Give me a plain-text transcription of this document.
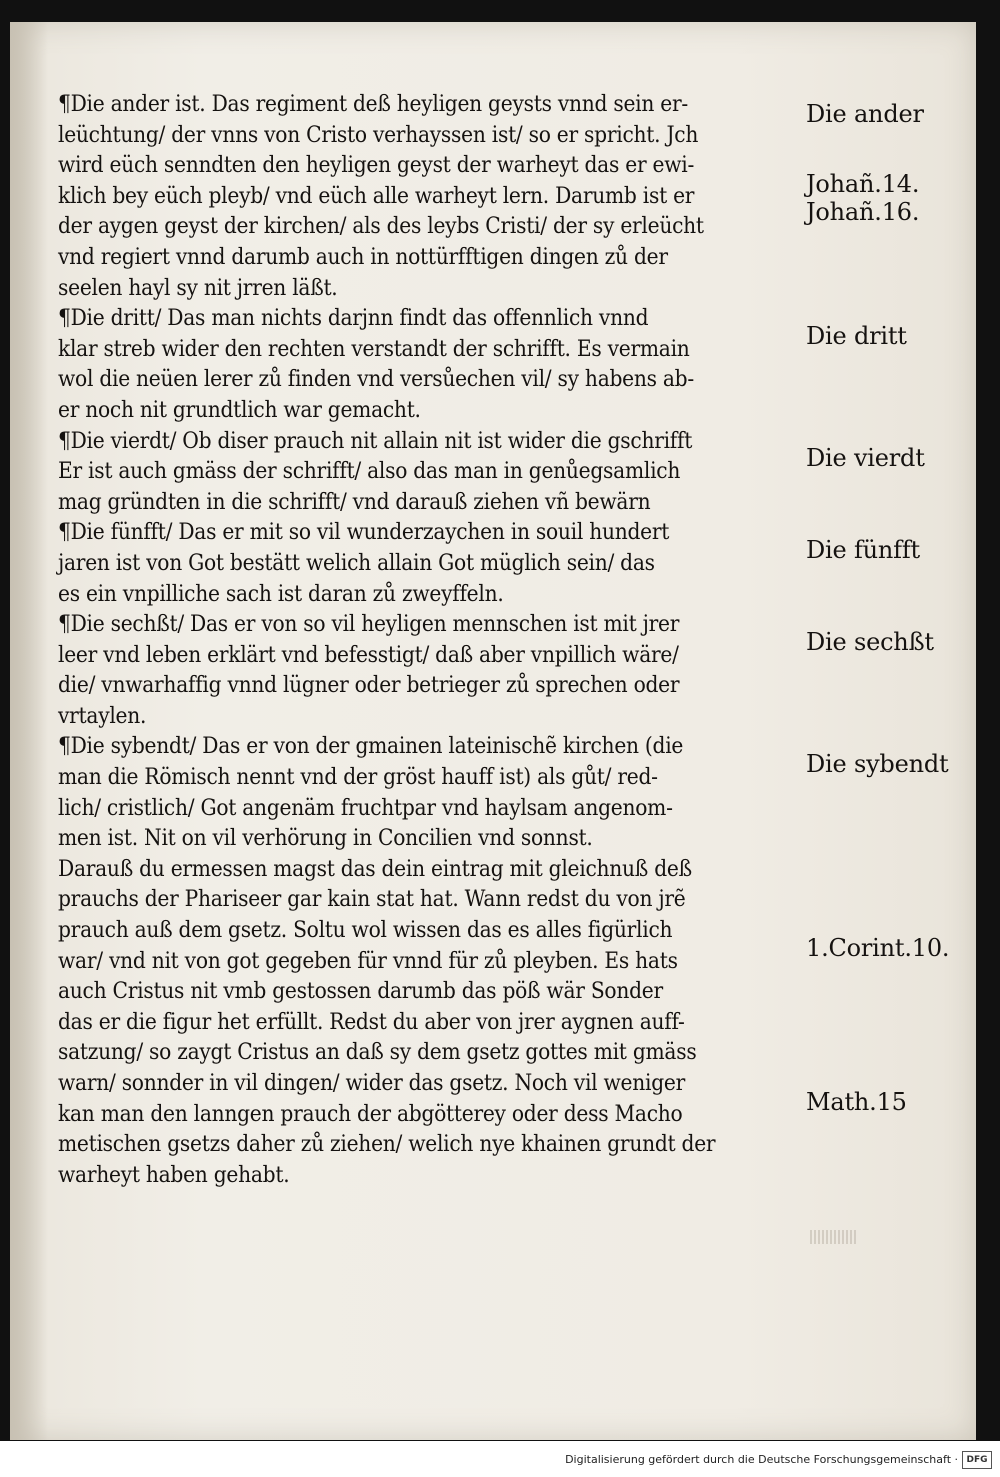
¶Die ander ist. Das regiment deß heyligen geysts vnnd sein er-
leüchtung/ der vnns von Cristo verhayssen ist/ so er spricht. Jch
wird eüch senndten den heyligen geyst der warheyt das er ewi-
klich bey eüch pleyb/ vnd eüch alle warheyt lern. Darumb ist er
der aygen geyst der kirchen/ als des leybs Cristi/ der sy erleücht
vnd regiert vnnd darumb auch in nottürfftigen dingen zů der
seelen hayl sy nit jrren läßt.
¶Die dritt/ Das man nichts darjnn findt das offennlich vnnd
klar streb wider den rechten verstandt der schrifft. Es vermain
wol die neüen lerer zů finden vnd versůechen vil/ sy habens ab-
er noch nit grundtlich war gemacht.
¶Die vierdt/ Ob diser prauch nit allain nit ist wider die gschrifft
Er ist auch gmäss der schrifft/ also das man in genůegsamlich
mag gründten in die schrifft/ vnd darauß ziehen vñ bewärn
¶Die fünfft/ Das er mit so vil wunderzaychen in souil hundert
jaren ist von Got bestätt welich allain Got müglich sein/ das
es ein vnpilliche sach ist daran zů zweyffeln.
¶Die sechßt/ Das er von so vil heyligen mennschen ist mit jrer
leer vnd leben erklärt vnd befesstigt/ daß aber vnpillich wäre/
die/ vnwarhaffig vnnd lügner oder betrieger zů sprechen oder
vrtaylen.
¶Die sybendt/ Das er von der gmainen lateinischẽ kirchen (die
man die Römisch nennt vnd der gröst hauff ist) als gůt/ red-
lich/ cristlich/ Got angenäm fruchtpar vnd haylsam angenom-
men ist. Nit on vil verhörung in Concilien vnd sonnst.
Darauß du ermessen magst das dein eintrag mit gleichnuß deß
prauchs der Phariseer gar kain stat hat. Wann redst du von jrẽ
prauch auß dem gsetz. Soltu wol wissen das es alles figürlich
war/ vnd nit von got gegeben für vnnd für zů pleyben. Es hats
auch Cristus nit vmb gestossen darumb das pöß wär Sonder
das er die figur het erfüllt. Redst du aber von jrer aygnen auff-
satzung/ so zaygt Cristus an daß sy dem gsetz gottes mit gmäss
warn/ sonnder in vil dingen/ wider das gsetz. Noch vil weniger
kan man den lanngen prauch der abgötterey oder dess Macho
metischen gsetzs daher zů ziehen/ welich nye khainen grundt der
warheyt haben gehabt.
Die ander
Johañ.14.
Johañ.16.
Die dritt
Die vierdt
Die fünfft
Die sechßt
Die sybendt
1.Corint.10.
Math.15
Digitalisierung gefördert durch die Deutsche Forschungsgemeinschaft · DFG
